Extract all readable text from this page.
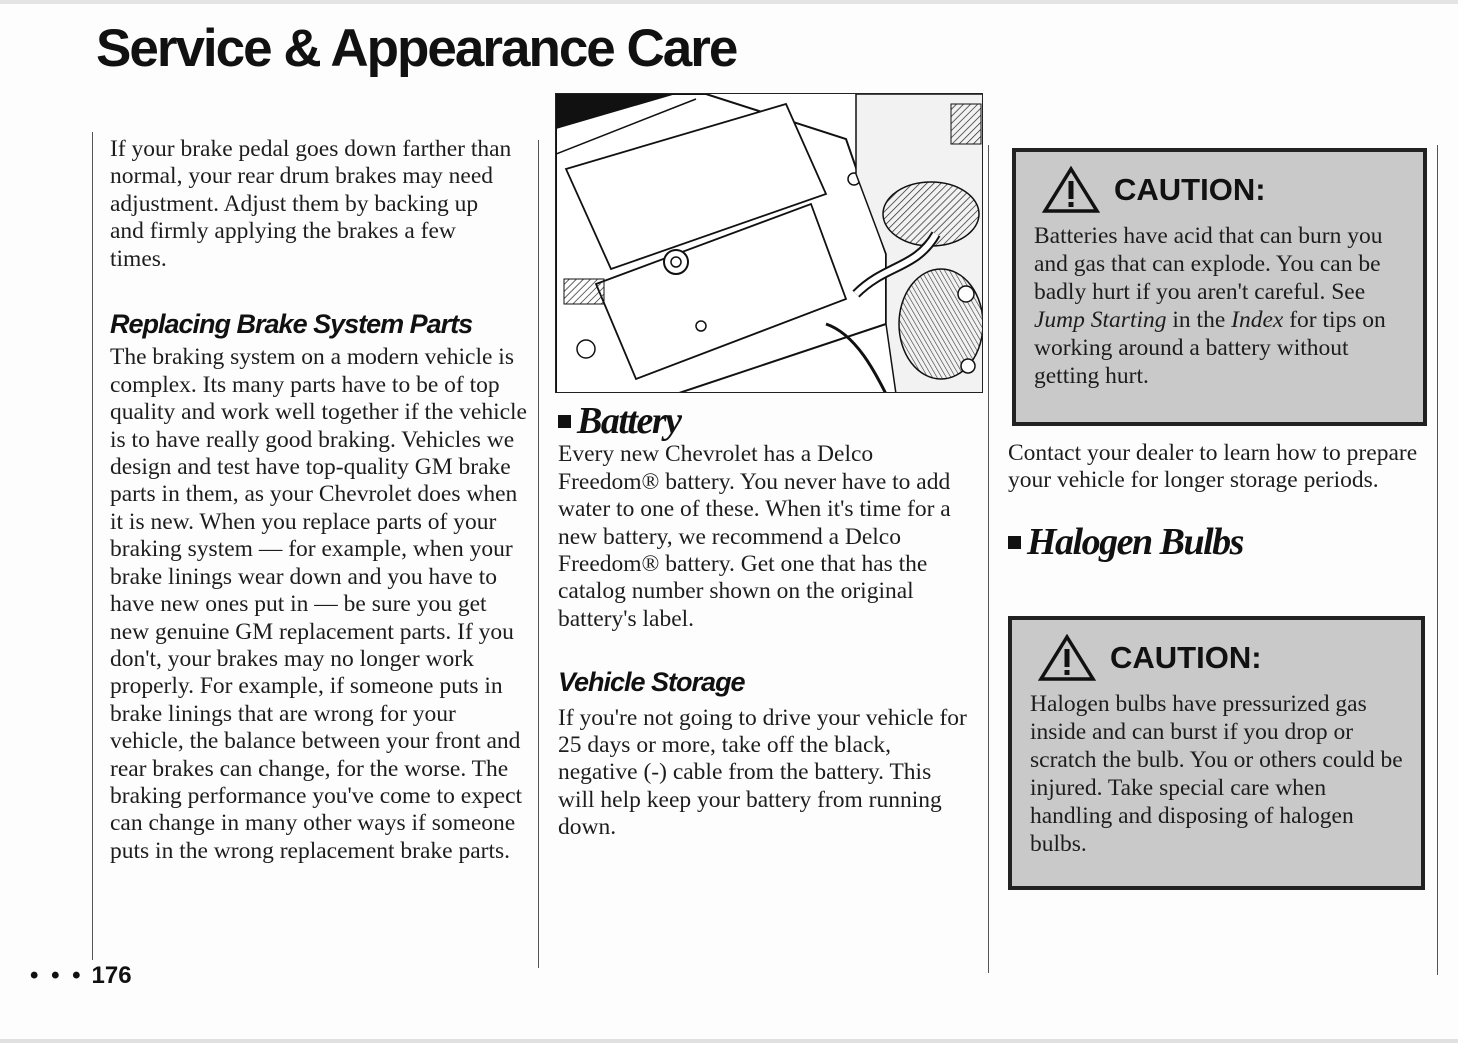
Service & Appearance Care

If your brake pedal goes down farther than normal, your rear drum brakes may need adjustment. Adjust them by backing up and firmly applying the brakes a few times.

Replacing Brake System Parts

The braking system on a modern vehicle is complex. Its many parts have to be of top quality and work well together if the vehicle is to have really good braking. Vehicles we design and test have top-quality GM brake parts in them, as your Chevrolet does when it is new. When you replace parts of your braking system — for example, when your brake linings wear down and you have to have new ones put in — be sure you get new genuine GM replacement parts. If you don't, your brakes may no longer work properly. For example, if someone puts in brake linings that are wrong for your vehicle, the balance between your front and rear brakes can change, for the worse. The braking performance you've come to expect can change in many other ways if someone puts in the wrong replacement brake parts.

Battery

Every new Chevrolet has a Delco Freedom® battery. You never have to add water to one of these. When it's time for a new battery, we recommend a Delco Freedom® battery. Get one that has the catalog number shown on the original battery's label.

Vehicle Storage

If you're not going to drive your vehicle for 25 days or more, take off the black, negative (-) cable from the battery. This will help keep your battery from running down.

CAUTION:
Batteries have acid that can burn you and gas that can explode. You can be badly hurt if you aren't careful. See Jump Starting in the Index for tips on working around a battery without getting hurt.

Contact your dealer to learn how to prepare your vehicle for longer storage periods.

Halogen Bulbs
CAUTION:
Halogen bulbs have pressurized gas inside and can burst if you drop or scratch the bulb. You or others could be injured. Take special care when handling and disposing of halogen bulbs.
• • • 176
